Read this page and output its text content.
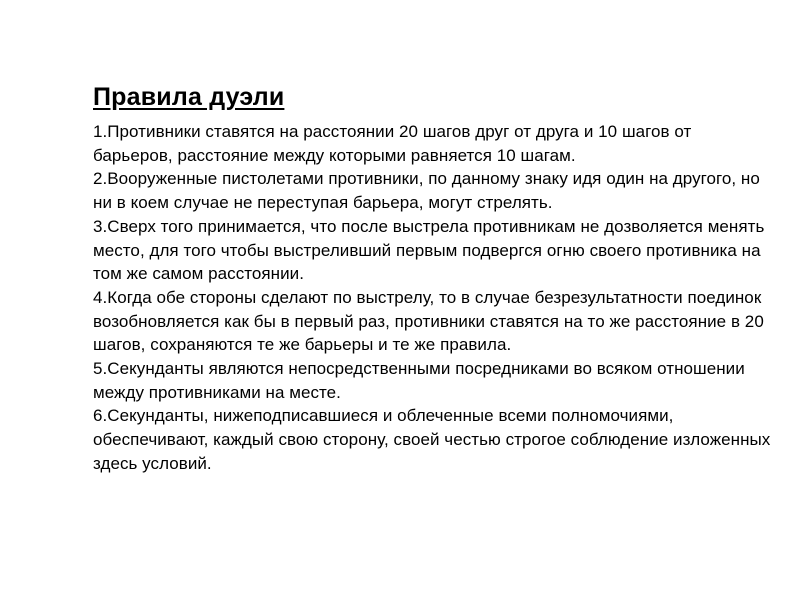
Правила дуэли

1.Противники ставятся на расстоянии 20 шагов друг от друга и 10 шагов от барьеров, расстояние между которыми равняется 10 шагам.

2.Вооруженные пистолетами противники, по данному знаку идя один на другого, но ни в коем случае не переступая барьера, могут стрелять.

3.Сверх того принимается, что после выстрела противникам не дозволяется менять место, для того чтобы выстреливший первым подвергся огню своего противника на том же самом расстоянии.

4.Когда обе стороны сделают по выстрелу, то в случае безрезультатности поединок возобновляется как бы в первый раз, противники ставятся на то же расстояние в 20 шагов, сохраняются те же барьеры и те же правила.

5.Секунданты являются непосредственными посредниками во всяком отношении между противниками на месте.

6.Секунданты, нижеподписавшиеся и облеченные всеми полномочиями, обеспечивают, каждый свою сторону, своей честью строгое соблюдение изложенных здесь условий.
